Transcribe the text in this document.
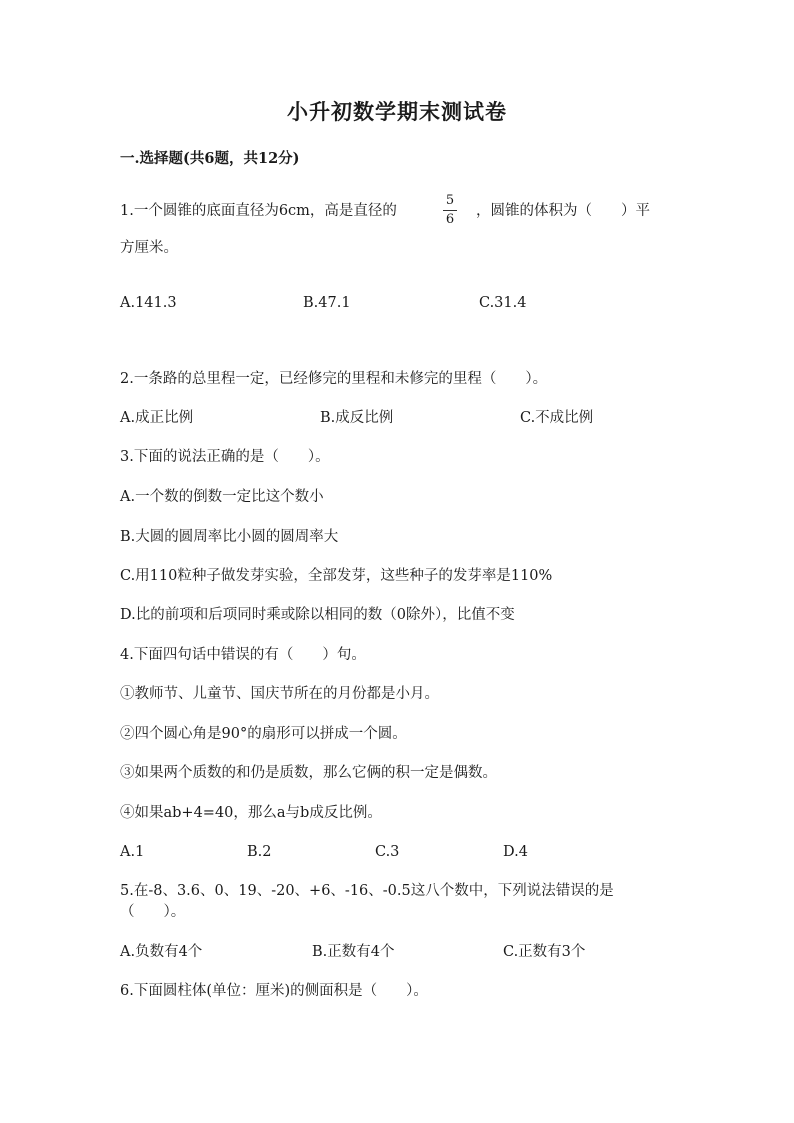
小升初数学期末测试卷
一.选择题(共6题，共12分)
1.一个圆锥的底面直径为6cm，高是直径的
5
6
，圆锥的体积为（　　）平
方厘米。
A.141.3	B.47.1	C.31.4
2.一条路的总里程一定，已经修完的里程和未修完的里程（　　）。
A.成正比例	B.成反比例	C.不成比例
3.下面的说法正确的是（　　）。
A.一个数的倒数一定比这个数小
B.大圆的圆周率比小圆的圆周率大
C.用110粒种子做发芽实验，全部发芽，这些种子的发芽率是110%
D.比的前项和后项同时乘或除以相同的数（0除外），比值不变
4.下面四句话中错误的有（　　）句。
①教师节、儿童节、国庆节所在的月份都是小月。
②四个圆心角是90°的扇形可以拼成一个圆。
③如果两个质数的和仍是质数，那么它俩的积一定是偶数。
④如果ab+4=40，那么a与b成反比例。
A.1	B.2	C.3	D.4
5.在-8、3.6、0、19、-20、+6、-16、-0.5这八个数中，下列说法错误的是
（　　）。
A.负数有4个	B.正数有4个	C.正数有3个
6.下面圆柱体(单位：厘米)的侧面积是（　　）。
